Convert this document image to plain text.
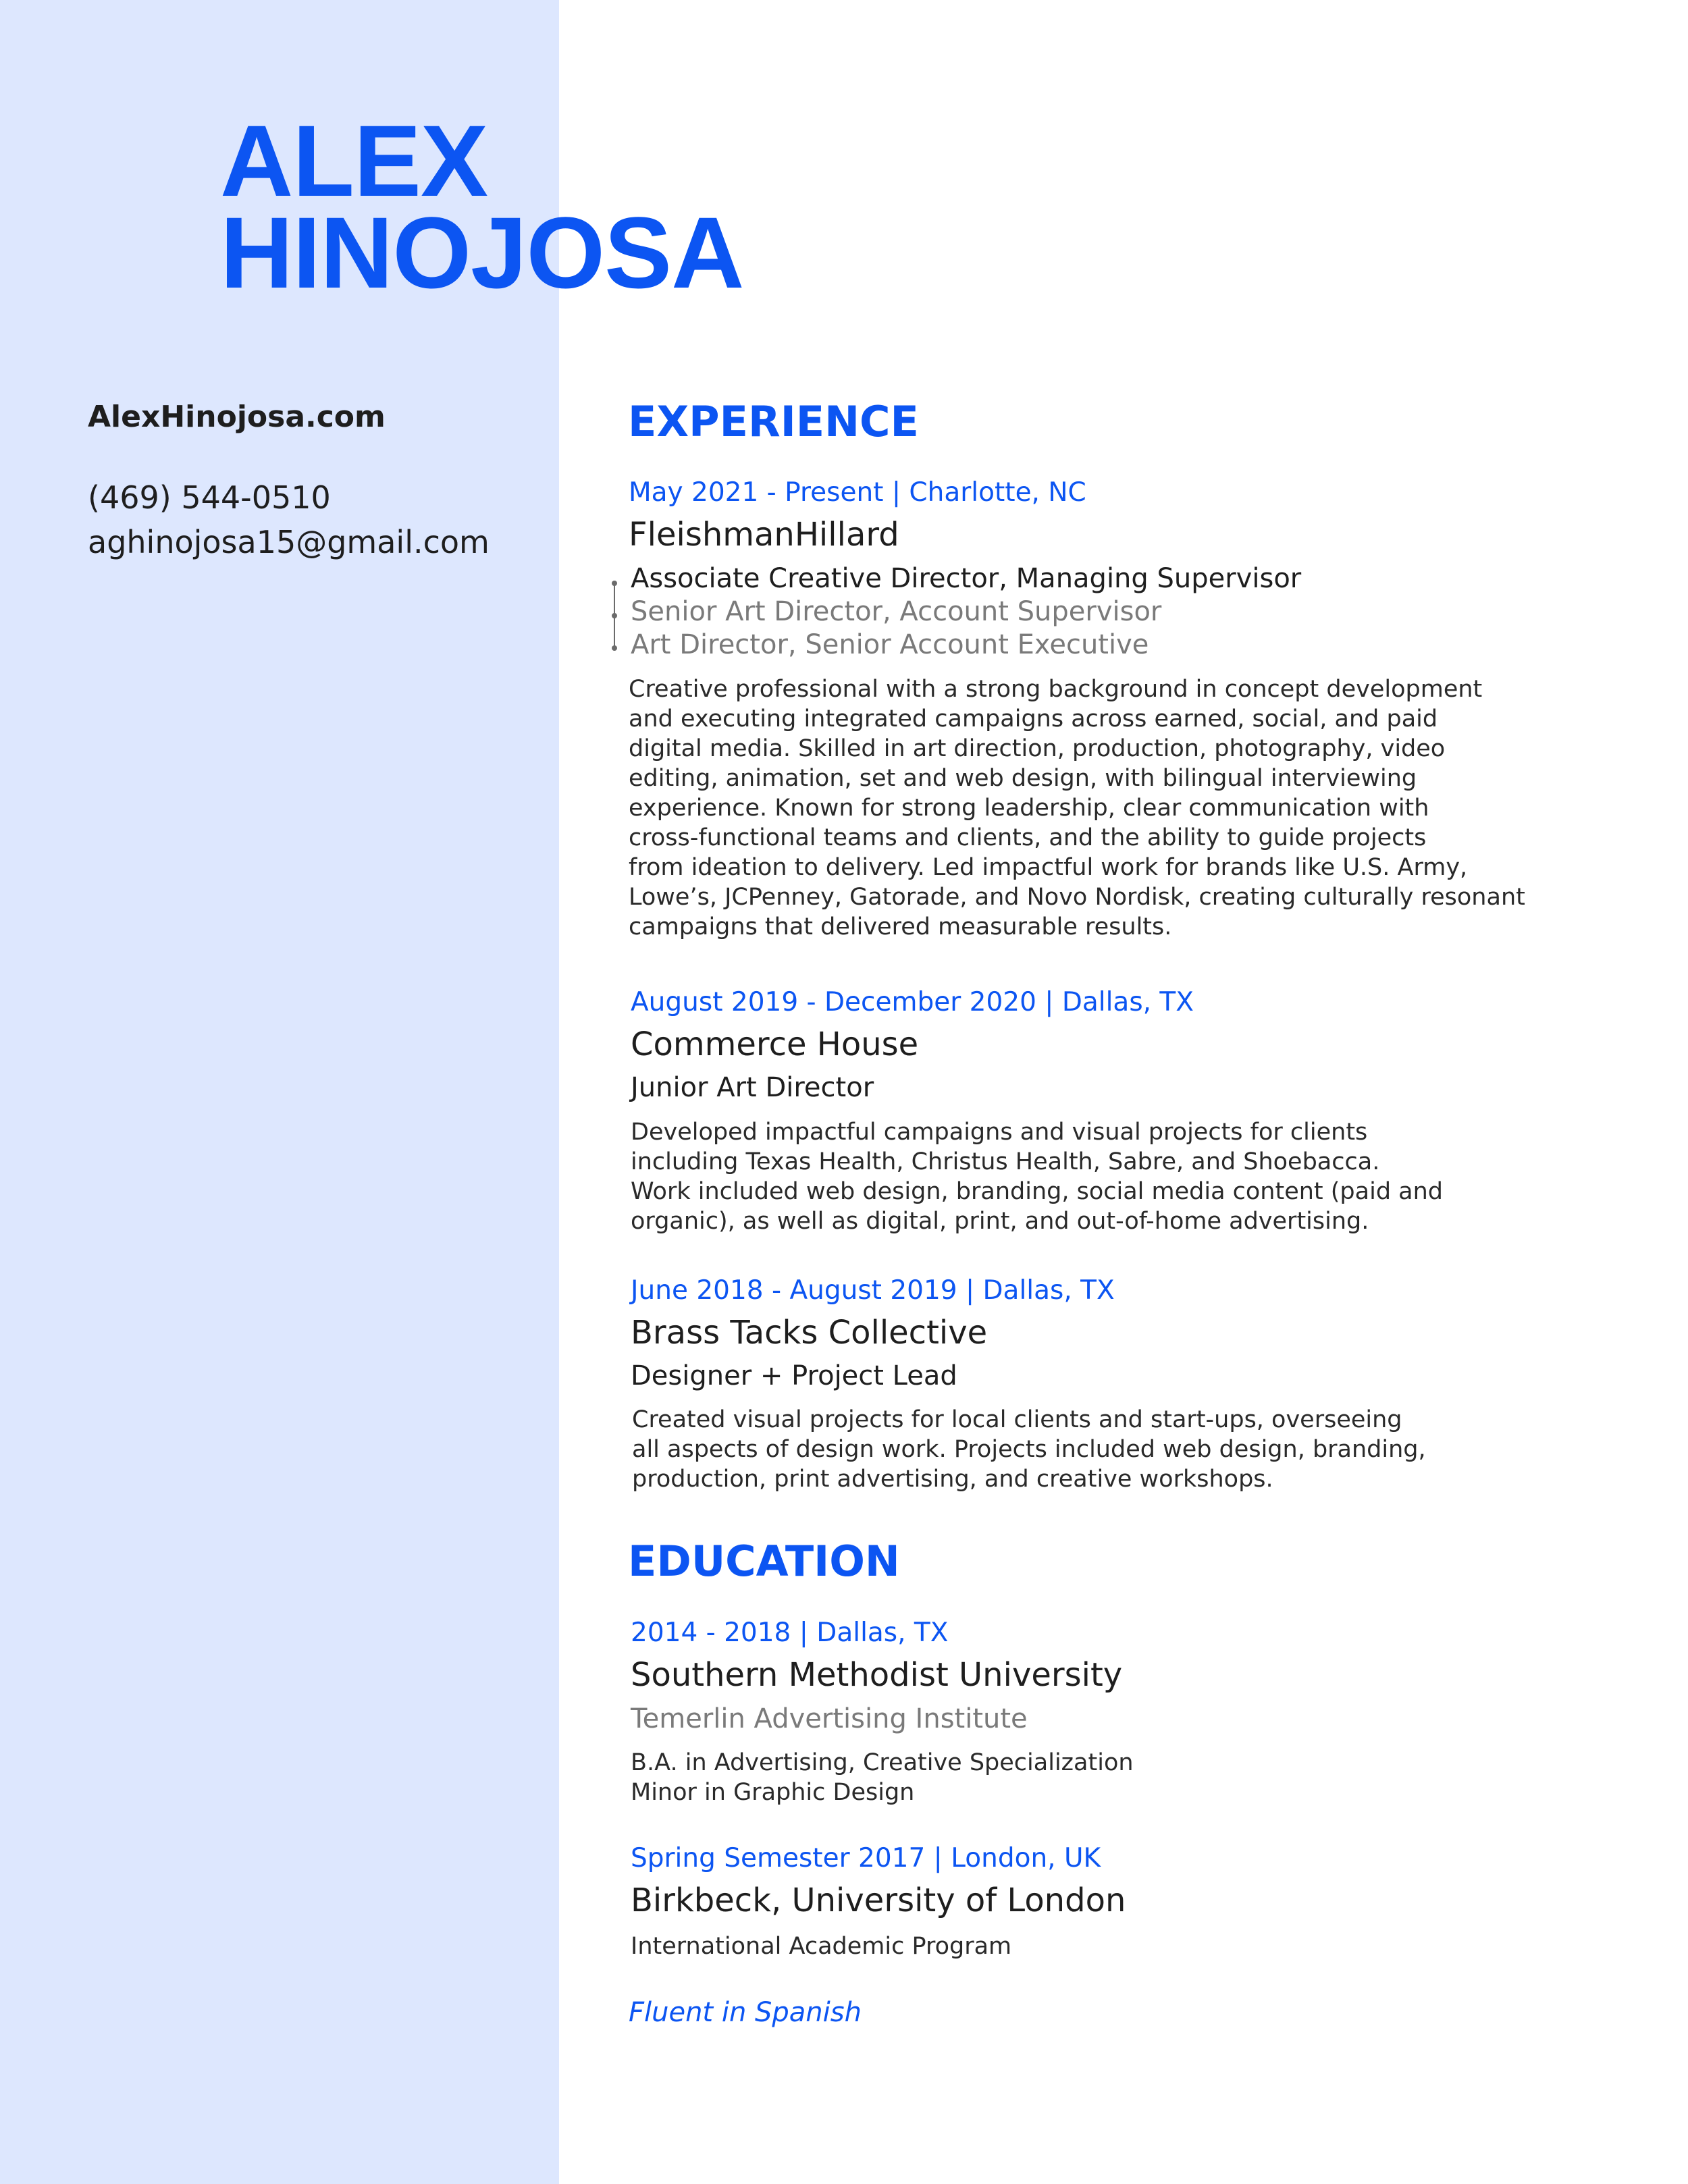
ALEX
HINOJOSA
AlexHinojosa.com
(469) 544-0510
aghinojosa15@gmail.com
EXPERIENCE
May 2021 - Present | Charlotte, NC
FleishmanHillard
Associate Creative Director, Managing Supervisor
Senior Art Director, Account Supervisor
Art Director, Senior Account Executive

Creative professional with a strong background in concept development
and executing integrated campaigns across earned, social, and paid
digital media. Skilled in art direction, production, photography, video
editing, animation, set and web design, with bilingual interviewing
experience. Known for strong leadership, clear communication with
cross-functional teams and clients, and the ability to guide projects
from ideation to delivery. Led impactful work for brands like U.S. Army,
Lowe’s, JCPenney, Gatorade, and Novo Nordisk, creating culturally resonant
campaigns that delivered measurable results.

August 2019 - December 2020 | Dallas, TX
Commerce House
Junior Art Director

Developed impactful campaigns and visual projects for clients
including Texas Health, Christus Health, Sabre, and Shoebacca.
Work included web design, branding, social media content (paid and
organic), as well as digital, print, and out-of-home advertising.

June 2018 - August 2019 | Dallas, TX
Brass Tacks Collective
Designer + Project Lead

Created visual projects for local clients and start-ups, overseeing
all aspects of design work. Projects included web design, branding,
production, print advertising, and creative workshops.

EDUCATION
2014 - 2018 | Dallas, TX
Southern Methodist University
Temerlin Advertising Institute

B.A. in Advertising, Creative Specialization
Minor in Graphic Design

Spring Semester 2017 | London, UK
Birkbeck, University of London

International Academic Program

Fluent in Spanish
